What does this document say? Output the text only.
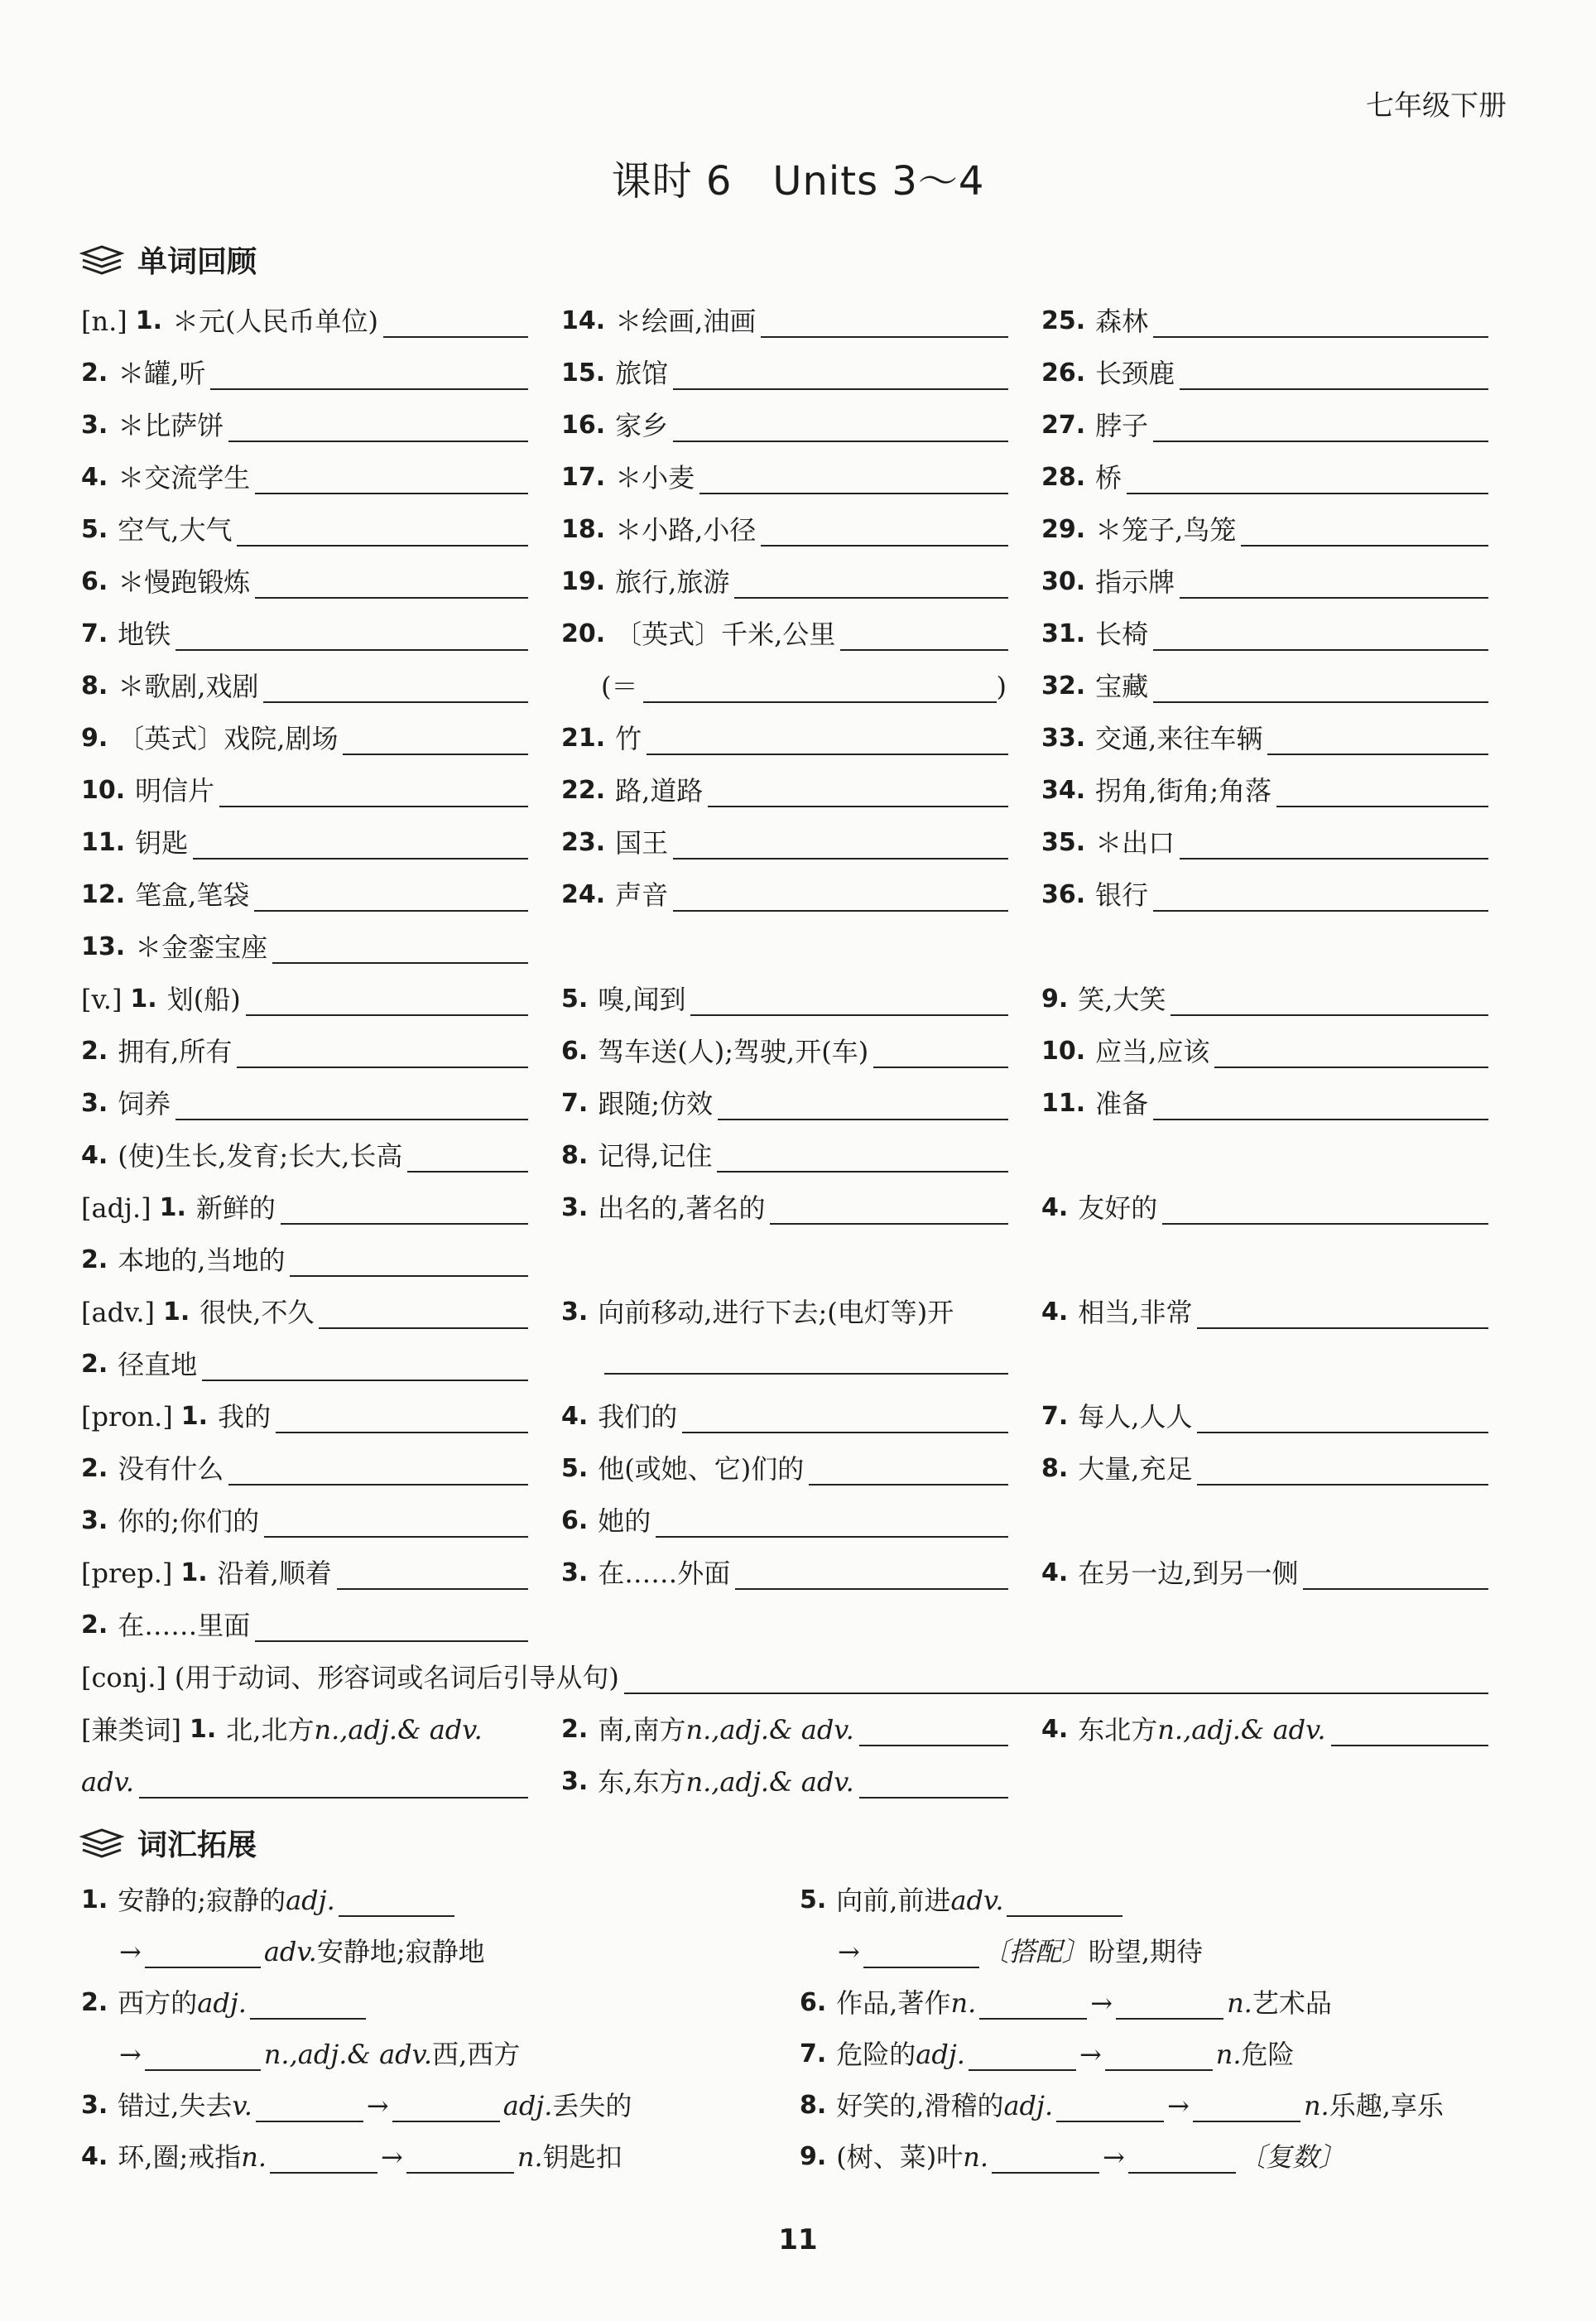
七年级下册
课时 6　Units 3～4
单词回顾
[n.] 1. ＊元(人民币单位)
2. ＊罐,听
3. ＊比萨饼
4. ＊交流学生
5. 空气,大气
6. ＊慢跑锻炼
7. 地铁
8. ＊歌剧,戏剧
9. 〔英式〕戏院,剧场
10. 明信片
11. 钥匙
12. 笔盒,笔袋
13. ＊金銮宝座
14. ＊绘画,油画
15. 旅馆
16. 家乡
17. ＊小麦
18. ＊小路,小径
19. 旅行,旅游
20. 〔英式〕千米,公里
(＝	)
21. 竹
22. 路,道路
23. 国王
24. 声音
25. 森林
26. 长颈鹿
27. 脖子
28. 桥
29. ＊笼子,鸟笼
30. 指示牌
31. 长椅
32. 宝藏
33. 交通,来往车辆
34. 拐角,街角;角落
35. ＊出口
36. 银行
[v.] 1. 划(船)
2. 拥有,所有
3. 饲养
4. (使)生长,发育;长大,长高
5. 嗅,闻到
6. 驾车送(人);驾驶,开(车)
7. 跟随;仿效
8. 记得,记住
9. 笑,大笑
10. 应当,应该
11. 准备
[adj.] 1. 新鲜的
2. 本地的,当地的
3. 出名的,著名的	4. 友好的
[adv.] 1. 很快,不久
2. 径直地
3. 向前移动,进行下去;(电灯等)开	4. 相当,非常
[pron.] 1. 我的
2. 没有什么
3. 你的;你们的
4. 我们的
5. 他(或她、它)们的
6. 她的
7. 每人,人人
8. 大量,充足
[prep.] 1. 沿着,顺着
2. 在……里面
3. 在……外面	4. 在另一边,到另一侧
[conj.] (用于动词、形容词或名词后引导从句)
[兼类词] 1. 北,北方 n.,adj.& adv.
adv.
2. 南,南方 n.,adj.& adv.
3. 东,东方 n.,adj.& adv.
4. 东北方 n.,adj.& adv.
1. 安静的;寂静的 adj.
→	adv. 安静地;寂静地
2. 西方的 adj.
→	n.,adj.& adv. 西,西方
3. 错过,失去 v.	→	adj. 丢失的
4. 环,圈;戒指 n.	→	n. 钥匙扣
5. 向前,前进 adv.
→	〔搭配〕 盼望,期待
6. 作品,著作 n.	→	n. 艺术品
7. 危险的 adj.	→	n. 危险
8. 好笑的,滑稽的 adj.	→	n. 乐趣,享乐
9. (树、菜)叶 n.	→	〔复数〕
词汇拓展
11
